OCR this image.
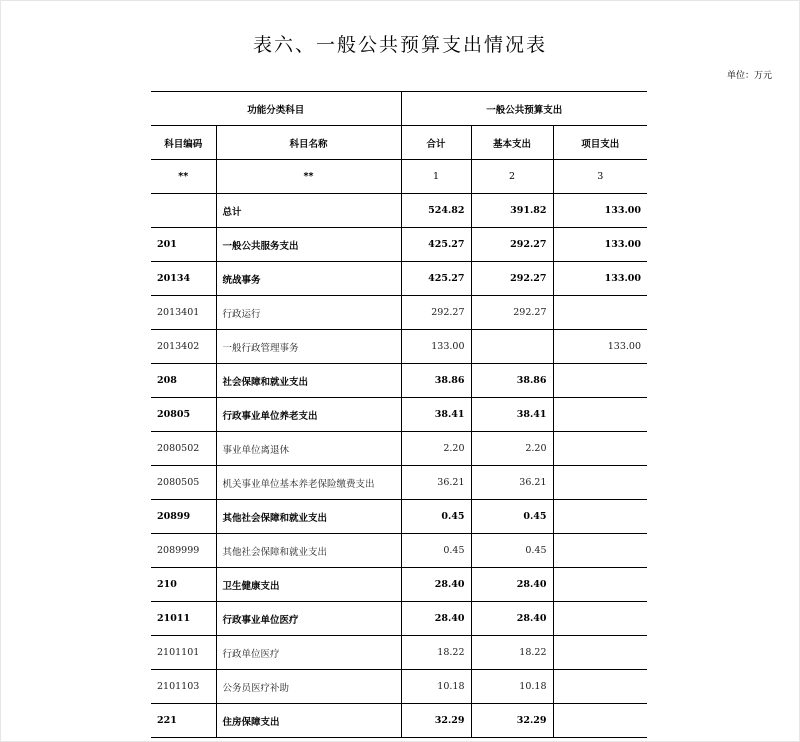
表六、一般公共预算支出情况表
单位：万元
功能分类科目		一般公共预算支出		
科目编码	科目名称	合计	基本支出	项目支出
**	**	1	2	3
	总计	524.82	391.82	133.00
201	一般公共服务支出	425.27	292.27	133.00
20134	统战事务	425.27	292.27	133.00
2013401	行政运行	292.27	292.27	
2013402	一般行政管理事务	133.00		133.00
208	社会保障和就业支出	38.86	38.86	
20805	行政事业单位养老支出	38.41	38.41	
2080502	事业单位离退休	2.20	2.20	
2080505	机关事业单位基本养老保险缴费支出	36.21	36.21	
20899	其他社会保障和就业支出	0.45	0.45	
2089999	其他社会保障和就业支出	0.45	0.45	
210	卫生健康支出	28.40	28.40	
21011	行政事业单位医疗	28.40	28.40	
2101101	行政单位医疗	18.22	18.22	
2101103	公务员医疗补助	10.18	10.18	
221	住房保障支出	32.29	32.29	
